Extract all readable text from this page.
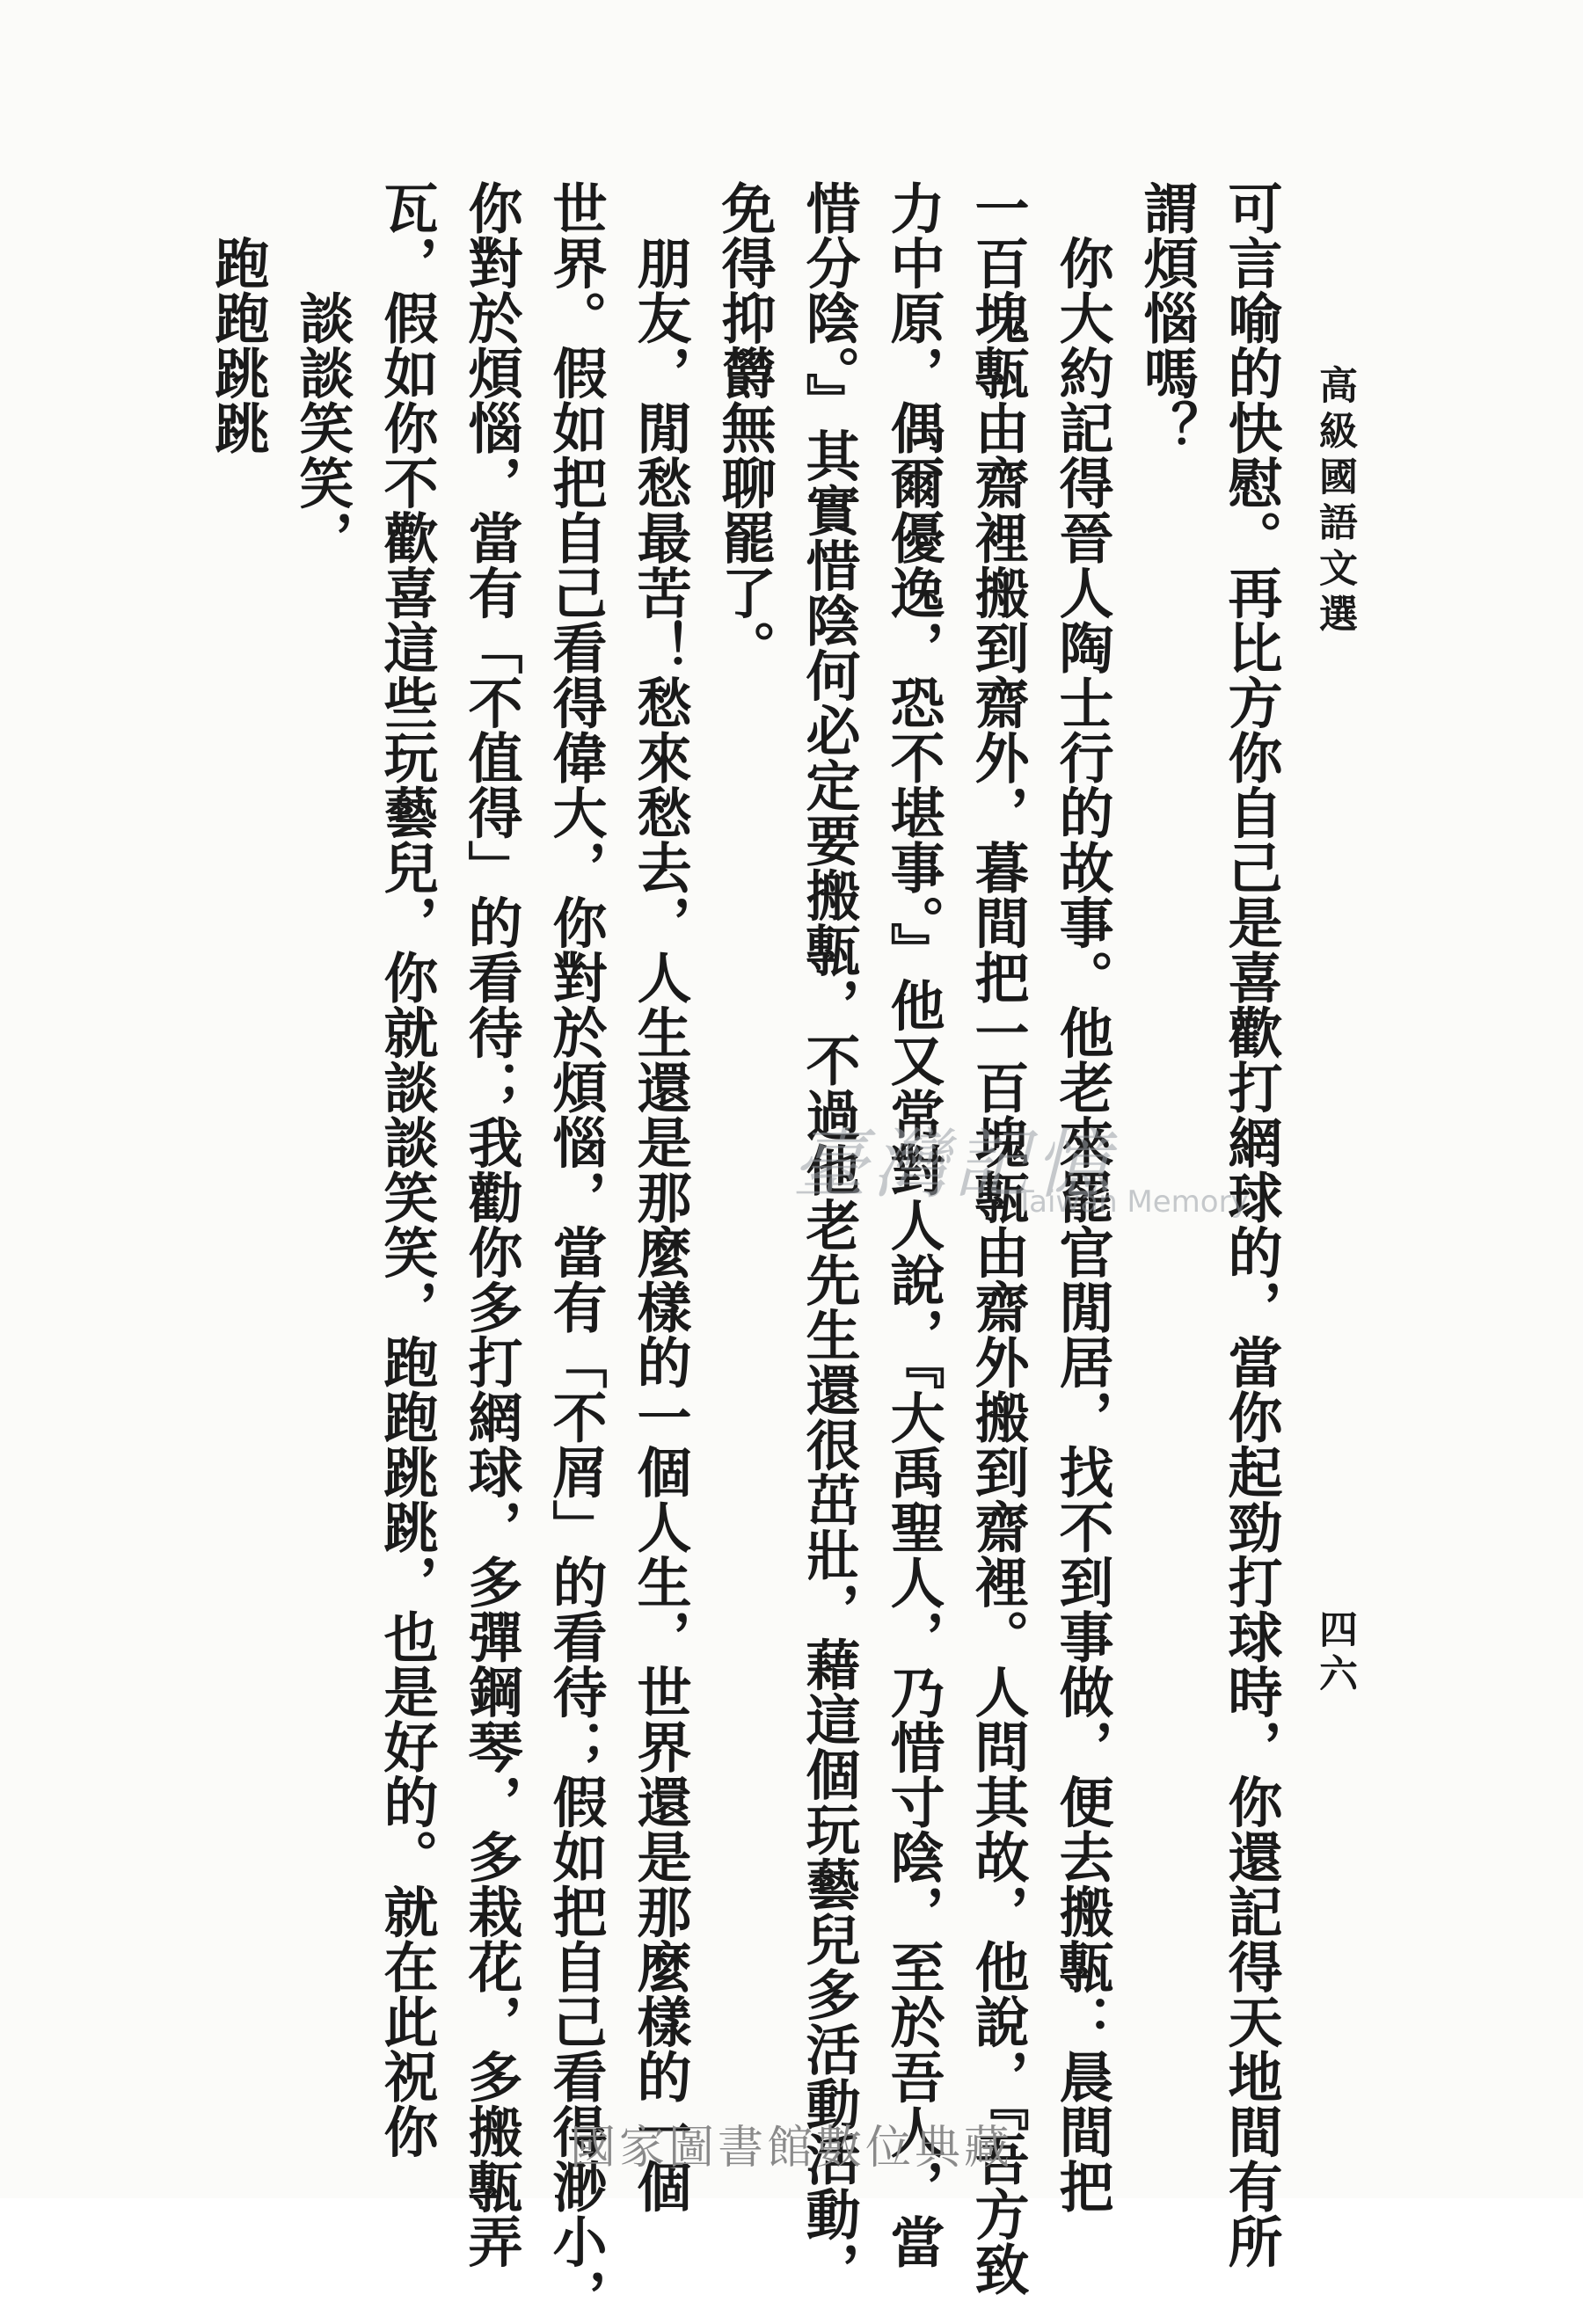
高級國語文選
四六
可言喻的快慰。再比方你自己是喜歡打網球的，當你起勁打球時，你還記得天地間有所
謂煩惱嗎？
　你大約記得晉人陶士行的故事。他老來罷官閒居，找不到事做，便去搬甎：晨間把
一百塊甎由齋裡搬到齋外，暮間把一百塊甎由齋外搬到齋裡。人問其故，他說，『吾方致
力中原，偶爾優逸，恐不堪事。』他又常對人說，『大禹聖人，乃惜寸陰，至於吾人，當
惜分陰。』其實惜陰何必定要搬甎，不過他老先生還很茁壯，藉這個玩藝兒多活動活動，
免得抑欝無聊罷了。
　朋友，閒愁最苦！愁來愁去，人生還是那麼樣的一個人生，世界還是那麼樣的一個
世界。假如把自己看得偉大，你對於煩惱，當有「不屑」的看待；假如把自己看得渺小，
你對於煩惱，當有「不值得」的看待；我勸你多打網球，多彈鋼琴，多栽花，多搬甎弄
瓦，假如你不歡喜這些玩藝兒，你就談談笑笑，跑跑跳跳，也是好的。就在此祝你
　　談談笑笑，
　跑跑跳跳
臺灣記憶
Taiwan Memory
國家圖書館數位典藏
